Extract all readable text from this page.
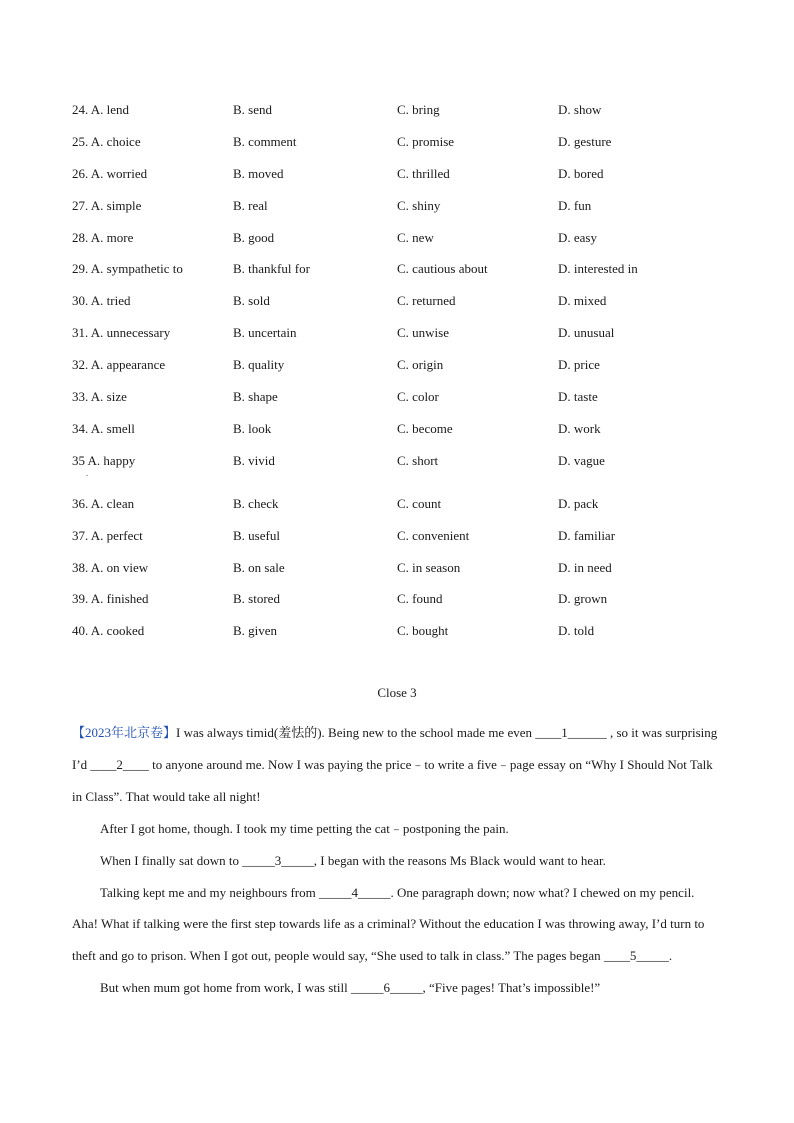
24. A. lend	B. send	C. bring	D. show
25. A. choice	B. comment	C. promise	D. gesture
26. A. worried	B. moved	C. thrilled	D. bored
27. A. simple	B. real	C. shiny	D. fun
28. A. more	B. good	C. new	D. easy
29. A. sympathetic to	B. thankful for	C. cautious about	D. interested in
30. A. tried	B. sold	C. returned	D. mixed
31. A. unnecessary	B. uncertain	C. unwise	D. unusual
32. A. appearance	B. quality	C. origin	D. price
33. A. size	B. shape	C. color	D. taste
34. A. smell	B. look	C. become	D. work
35 A. happy	B. vivid	C. short	D. vague
.
36. A. clean	B. check	C. count	D. pack
37. A. perfect	B. useful	C. convenient	D. familiar
38. A. on view	B. on sale	C. in season	D. in need
39. A. finished	B. stored	C. found	D. grown
40. A. cooked	B. given	C. bought	D. told
Close 3

【2023年北京卷】I was always timid(羞怯的). Being new to the school made me even ____1______ , so it was surprising I’d ____2____ to anyone around me. Now I was paying the price﹣to write a five﹣page essay on “Why I Should Not Talk in Class”. That would take all night!

After I got home, though. I took my time petting the cat﹣postponing the pain.

When I finally sat down to _____3_____, I began with the reasons Ms Black would want to hear.

Talking kept me and my neighbours from _____4_____. One paragraph down; now what? I chewed on my pencil. Aha! What if talking were the first step towards life as a criminal? Without the education I was throwing away, I’d turn to theft and go to prison. When I got out, people would say, “She used to talk in class.” The pages began ____5_____.

But when mum got home from work, I was still _____6_____, “Five pages! That’s impossible!”
